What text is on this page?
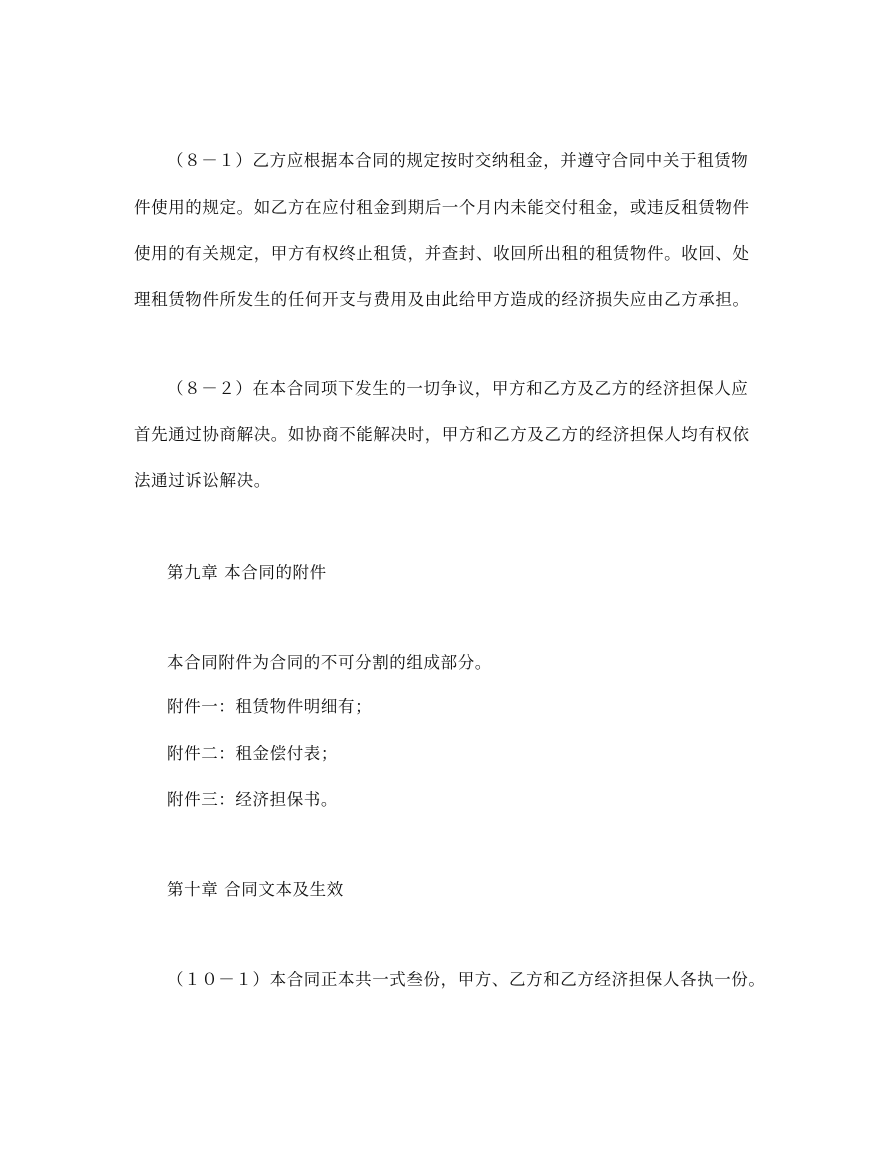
（８－１）乙方应根据本合同的规定按时交纳租金，并遵守合同中关于租赁物
件使用的规定。如乙方在应付租金到期后一个月内未能交付租金，或违反租赁物件
使用的有关规定，甲方有权终止租赁，并查封、收回所出租的租赁物件。收回、处
理租赁物件所发生的任何开支与费用及由此给甲方造成的经济损失应由乙方承担。
（８－２）在本合同项下发生的一切争议，甲方和乙方及乙方的经济担保人应
首先通过协商解决。如协商不能解决时，甲方和乙方及乙方的经济担保人均有权依
法通过诉讼解决。
第九章 本合同的附件
本合同附件为合同的不可分割的组成部分。
附件一：租赁物件明细有；
附件二：租金偿付表；
附件三：经济担保书。
第十章 合同文本及生效
（１０－１）本合同正本共一式叁份，甲方、乙方和乙方经济担保人各执一份。
